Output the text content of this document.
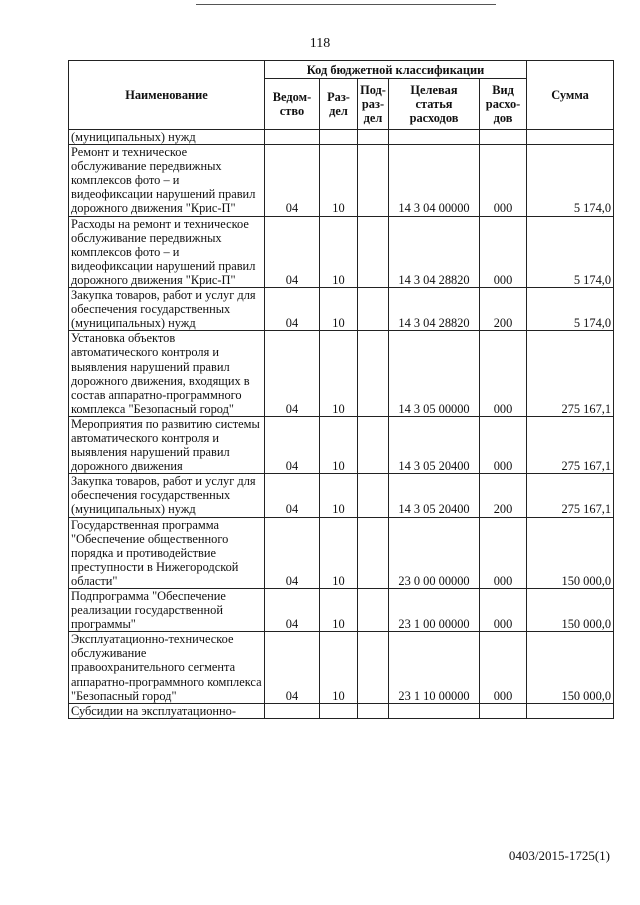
118
Наименование	Код бюджетной классификации					Сумма
	Ведом-ство	Раз-дел	Под-раз-дел	Целевая статья расходов	Вид расхо-дов	
(муниципальных) нужд						
Ремонт и техническое обслуживание передвижных комплексов фото – и видеофиксации нарушений правил дорожного движения "Крис-П"	04	10		14 3 04 00000	000	5 174,0
Расходы на ремонт и техническое обслуживание передвижных комплексов фото – и видеофиксации нарушений правил дорожного движения "Крис-П"	04	10		14 3 04 28820	000	5 174,0
Закупка товаров, работ и услуг для обеспечения государственных (муниципальных) нужд	04	10		14 3 04 28820	200	5 174,0
Установка объектов автоматического контроля и выявления нарушений правил дорожного движения, входящих в состав аппаратно-программного комплекса "Безопасный город"	04	10		14 3 05 00000	000	275 167,1
Мероприятия по развитию системы автоматического контроля и выявления нарушений правил дорожного движения	04	10		14 3 05 20400	000	275 167,1
Закупка товаров, работ и услуг для обеспечения государственных (муниципальных) нужд	04	10		14 3 05 20400	200	275 167,1
Государственная программа "Обеспечение общественного порядка и противодействие преступности в Нижегородской области"	04	10		23 0 00 00000	000	150 000,0
Подпрограмма "Обеспечение реализации государственной программы"	04	10		23 1 00 00000	000	150 000,0
Эксплуатационно-техническое обслуживание правоохранительного сегмента аппаратно-программного комплекса "Безопасный город"	04	10		23 1 10 00000	000	150 000,0
Субсидии на эксплуатационно-						
0403/2015-1725(1)
